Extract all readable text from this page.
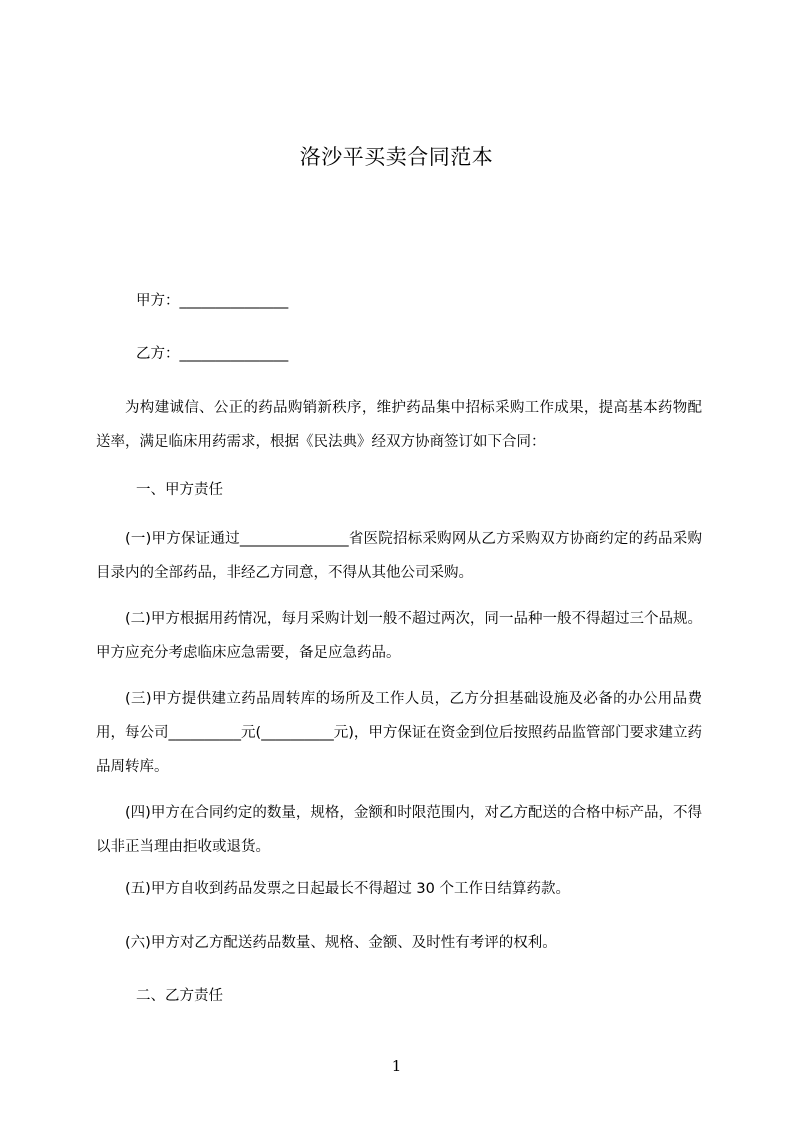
洛沙平买卖合同范本
甲方：_______________
乙方：_______________
为构建诚信、公正的药品购销新秩序，维护药品集中招标采购工作成果，提高基本药物配送率，满足临床用药需求，根据《民法典》经双方协商签订如下合同：
一、甲方责任
(一)甲方保证通过_______________省医院招标采购网从乙方采购双方协商约定的药品采购目录内的全部药品，非经乙方同意，不得从其他公司采购。
(二)甲方根据用药情况，每月采购计划一般不超过两次，同一品种一般不得超过三个品规。甲方应充分考虑临床应急需要，备足应急药品。
(三)甲方提供建立药品周转库的场所及工作人员，乙方分担基础设施及必备的办公用品费用，每公司__________元(__________元)，甲方保证在资金到位后按照药品监管部门要求建立药品周转库。
(四)甲方在合同约定的数量，规格，金额和时限范围内，对乙方配送的合格中标产品，不得以非正当理由拒收或退货。
(五)甲方自收到药品发票之日起最长不得超过 30 个工作日结算药款。
(六)甲方对乙方配送药品数量、规格、金额、及时性有考评的权利。
二、乙方责任
1
